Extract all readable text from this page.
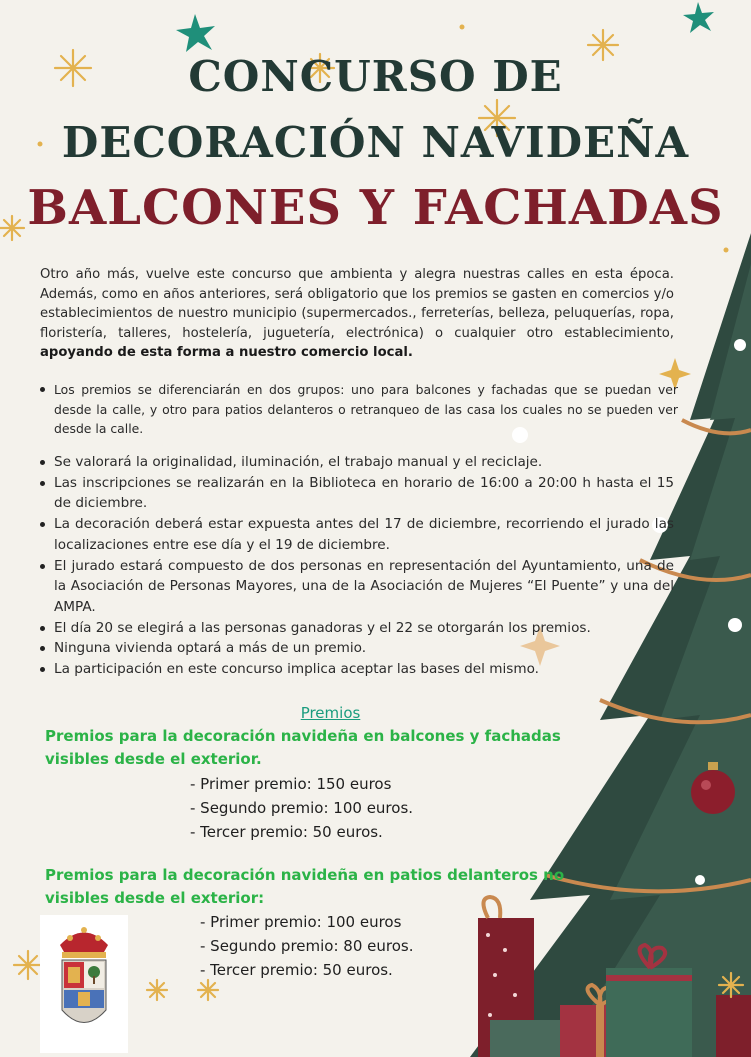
CONCURSO DE
DECORACIÓN NAVIDEÑA
BALCONES Y FACHADAS

Otro año más, vuelve este concurso que ambienta y alegra nuestras calles en esta época. Además, como en años anteriores, será obligatorio que los premios se gasten en comercios y/o establecimientos de nuestro municipio (supermercados., ferreterías, belleza, peluquerías, ropa, floristería, talleres, hostelería, juguetería, electrónica) o cualquier otro establecimiento, apoyando de esta forma a nuestro comercio local.

Los premios se diferenciarán en dos grupos: uno para balcones y fachadas que se puedan ver desde la calle, y otro para patios delanteros o retranqueo de las casa los cuales no se pueden ver desde la calle.
Se valorará la originalidad, iluminación, el trabajo manual y el reciclaje.
Las inscripciones se realizarán en la Biblioteca en horario de 16:00 a 20:00 h hasta el 15 de diciembre.
La decoración deberá estar expuesta antes del 17 de diciembre, recorriendo el jurado las localizaciones entre ese día y el 19 de diciembre.
El jurado estará compuesto de dos personas en representación del Ayuntamiento, una de la Asociación de Personas Mayores, una de la Asociación de Mujeres “El Puente” y una del AMPA.
El día 20 se elegirá a las personas ganadoras y el 22 se otorgarán los premios.
Ninguna vivienda optará a más de un premio.
La participación en este concurso implica aceptar las bases del mismo.

Premios

Premios para la decoración navideña en balcones y fachadas visibles desde el exterior.

- Primer premio: 150 euros
- Segundo premio: 100 euros.
- Tercer premio: 50 euros.

Premios para la decoración navideña en patios delanteros no visibles desde el exterior:

- Primer premio: 100 euros
- Segundo premio: 80 euros.
- Tercer premio: 50 euros.
